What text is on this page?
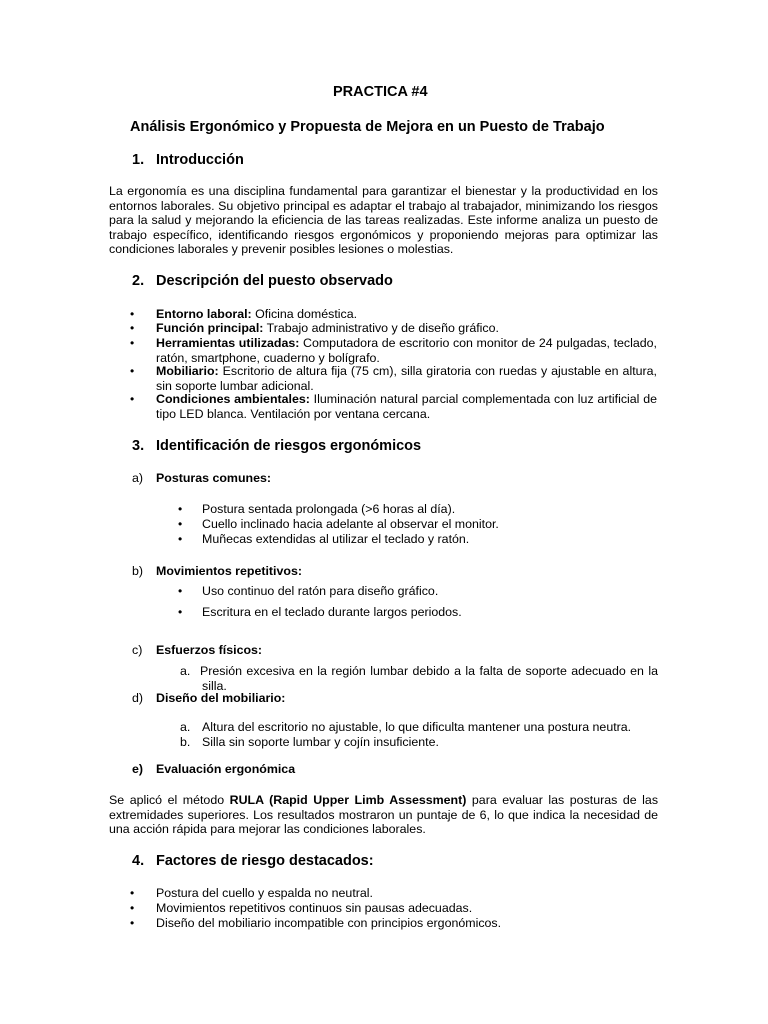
PRACTICA #4
Análisis Ergonómico y Propuesta de Mejora en un Puesto de Trabajo
1. Introducción
La ergonomía es una disciplina fundamental para garantizar el bienestar y la productividad en los entornos laborales. Su objetivo principal es adaptar el trabajo al trabajador, minimizando los riesgos para la salud y mejorando la eficiencia de las tareas realizadas. Este informe analiza un puesto de trabajo específico, identificando riesgos ergonómicos y proponiendo mejoras para optimizar las condiciones laborales y prevenir posibles lesiones o molestias.
2. Descripción del puesto observado
• Entorno laboral: Oficina doméstica.
• Función principal: Trabajo administrativo y de diseño gráfico.
• Herramientas utilizadas: Computadora de escritorio con monitor de 24 pulgadas, teclado, ratón, smartphone, cuaderno y bolígrafo.
• Mobiliario: Escritorio de altura fija (75 cm), silla giratoria con ruedas y ajustable en altura, sin soporte lumbar adicional.
• Condiciones ambientales: Iluminación natural parcial complementada con luz artificial de tipo LED blanca. Ventilación por ventana cercana.
3. Identificación de riesgos ergonómicos
a) Posturas comunes:
• Postura sentada prolongada (>6 horas al día).
• Cuello inclinado hacia adelante al observar el monitor.
• Muñecas extendidas al utilizar el teclado y ratón.
b) Movimientos repetitivos:
• Uso continuo del ratón para diseño gráfico.
• Escritura en el teclado durante largos periodos.
c) Esfuerzos físicos:
a. Presión excesiva en la región lumbar debido a la falta de soporte adecuado en la silla.
d) Diseño del mobiliario:
a. Altura del escritorio no ajustable, lo que dificulta mantener una postura neutra.
b. Silla sin soporte lumbar y cojín insuficiente.
e) Evaluación ergonómica
Se aplicó el método RULA (Rapid Upper Limb Assessment) para evaluar las posturas de las extremidades superiores. Los resultados mostraron un puntaje de 6, lo que indica la necesidad de una acción rápida para mejorar las condiciones laborales.
4. Factores de riesgo destacados:
• Postura del cuello y espalda no neutral.
• Movimientos repetitivos continuos sin pausas adecuadas.
• Diseño del mobiliario incompatible con principios ergonómicos.
